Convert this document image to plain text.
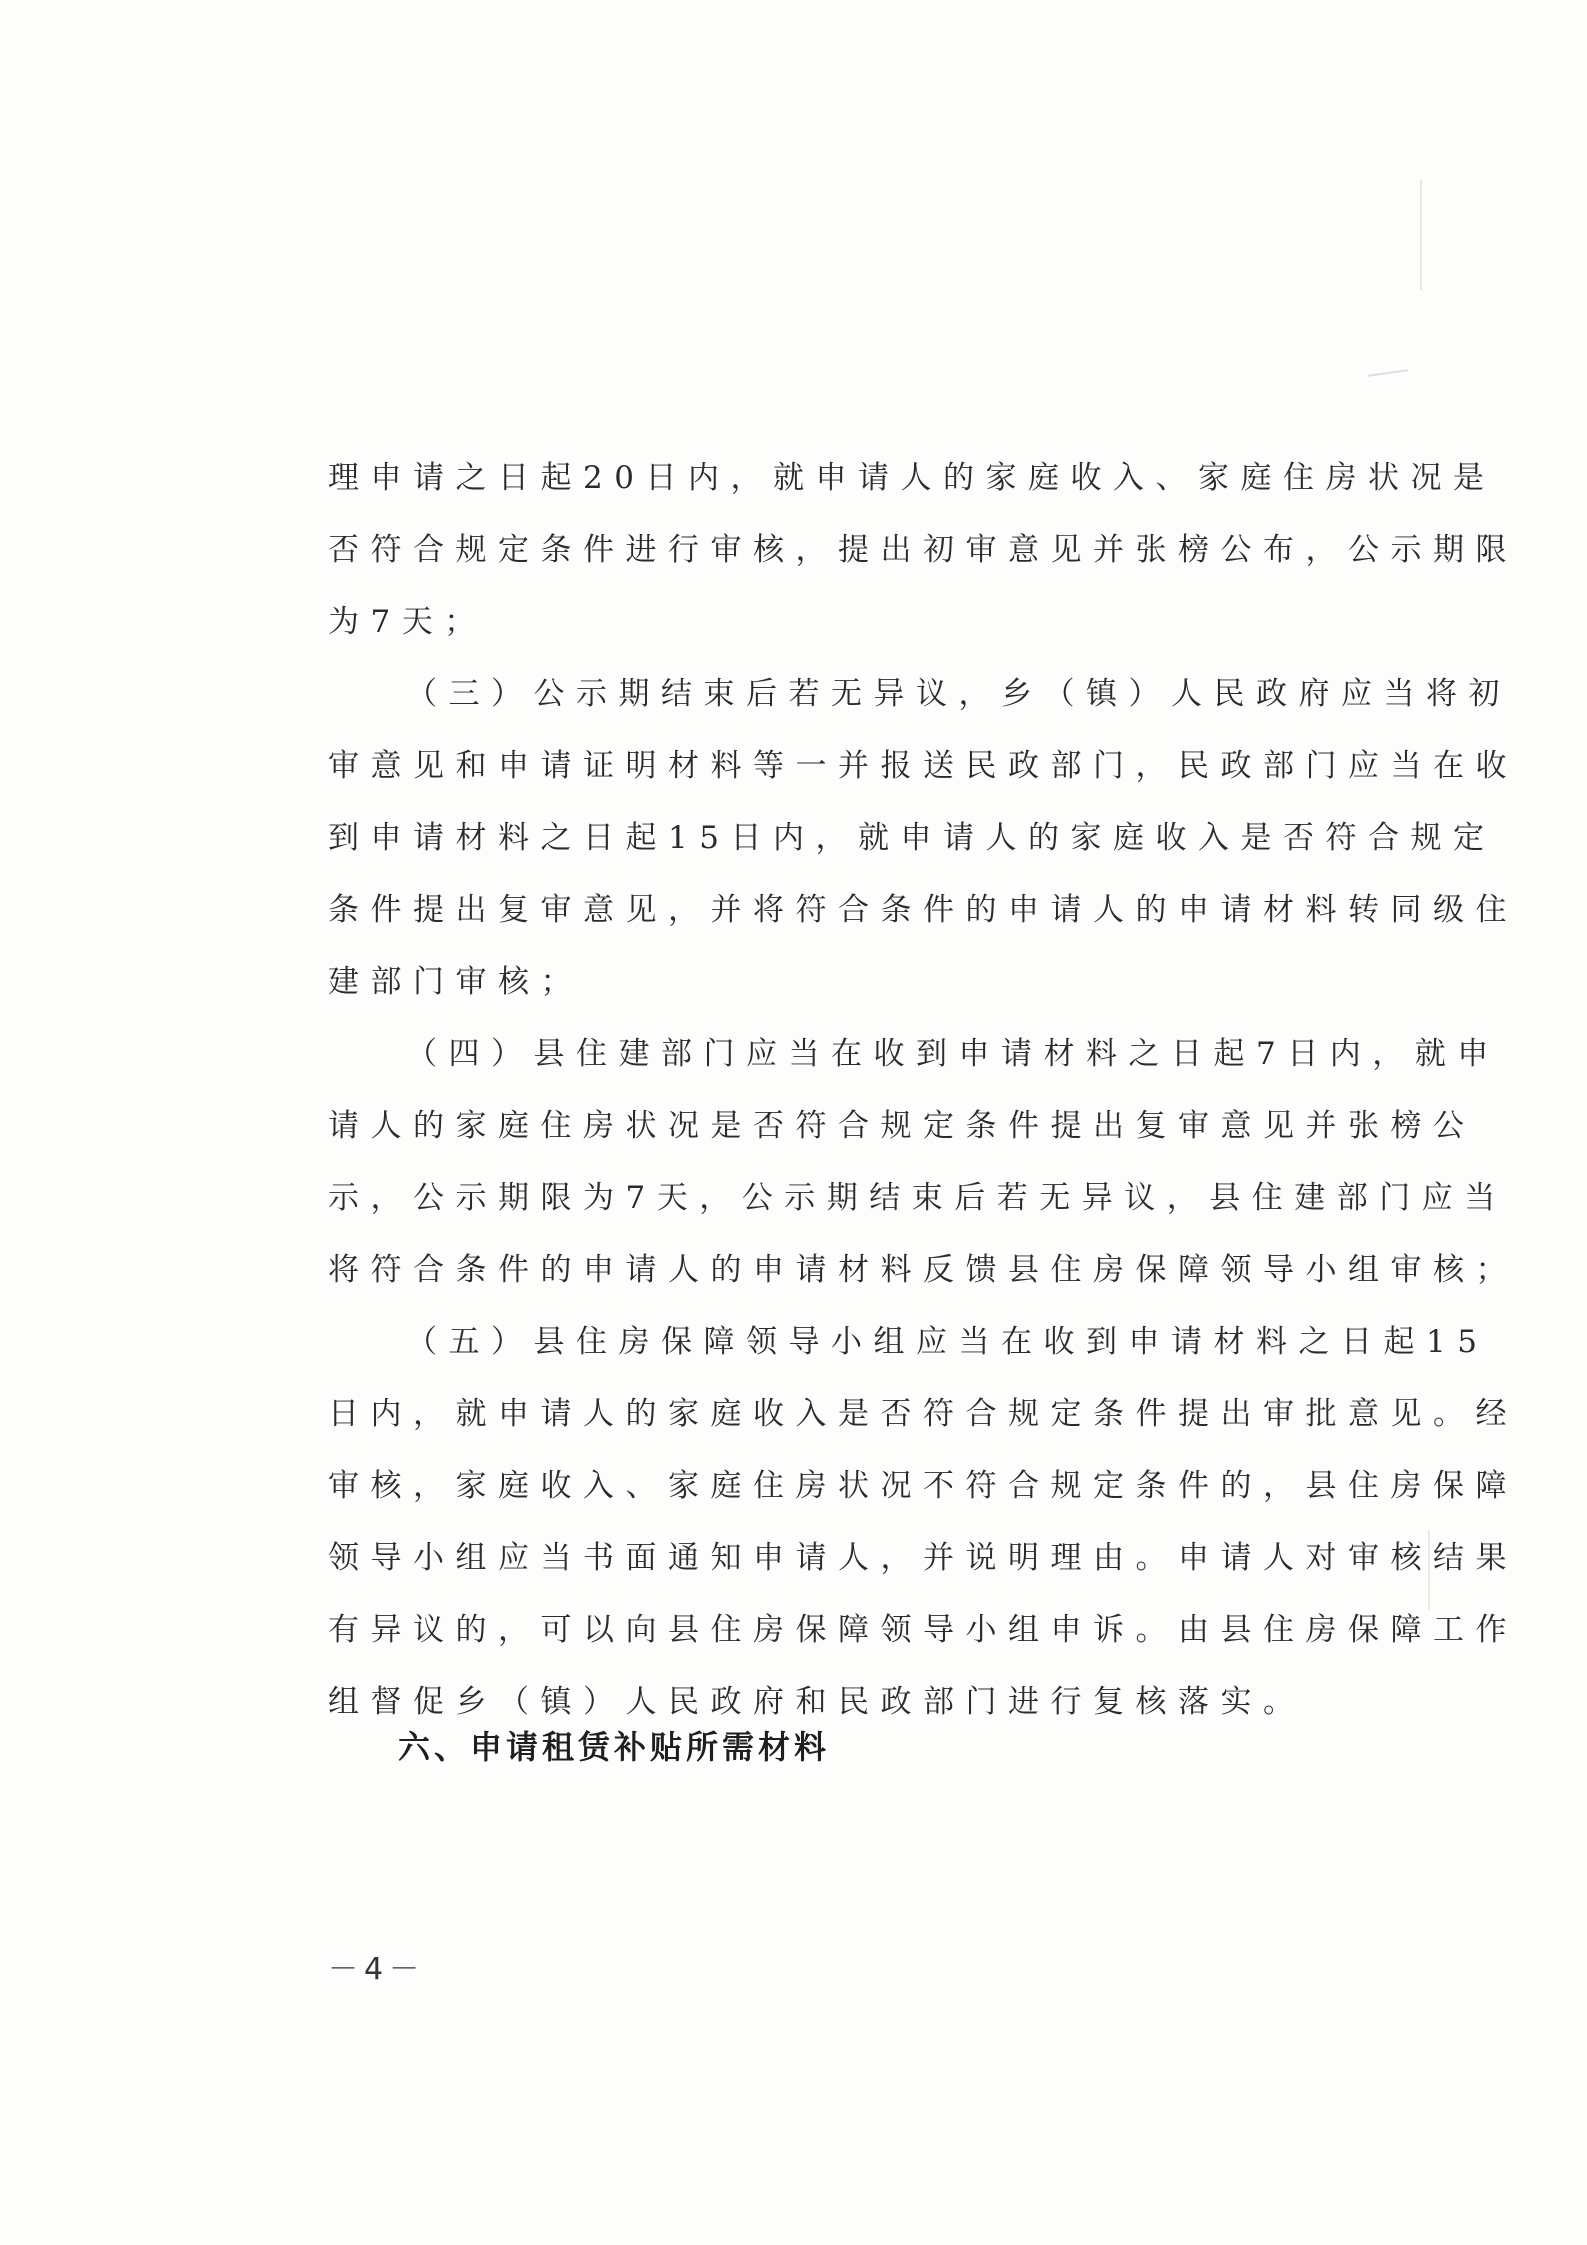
理申请之日起20日内，就申请人的家庭收入、家庭住房状况是
否符合规定条件进行审核，提出初审意见并张榜公布，公示期限
为7天；
（三）公示期结束后若无异议，乡（镇）人民政府应当将初
审意见和申请证明材料等一并报送民政部门，民政部门应当在收
到申请材料之日起15日内，就申请人的家庭收入是否符合规定
条件提出复审意见，并将符合条件的申请人的申请材料转同级住
建部门审核；
（四）县住建部门应当在收到申请材料之日起7日内，就申
请人的家庭住房状况是否符合规定条件提出复审意见并张榜公
示，公示期限为7天，公示期结束后若无异议，县住建部门应当
将符合条件的申请人的申请材料反馈县住房保障领导小组审核；
（五）县住房保障领导小组应当在收到申请材料之日起15
日内，就申请人的家庭收入是否符合规定条件提出审批意见。经
审核，家庭收入、家庭住房状况不符合规定条件的，县住房保障
领导小组应当书面通知申请人，并说明理由。申请人对审核结果
有异议的，可以向县住房保障领导小组申诉。由县住房保障工作
组督促乡（镇）人民政府和民政部门进行复核落实。
六、申请租赁补贴所需材料
－4－
